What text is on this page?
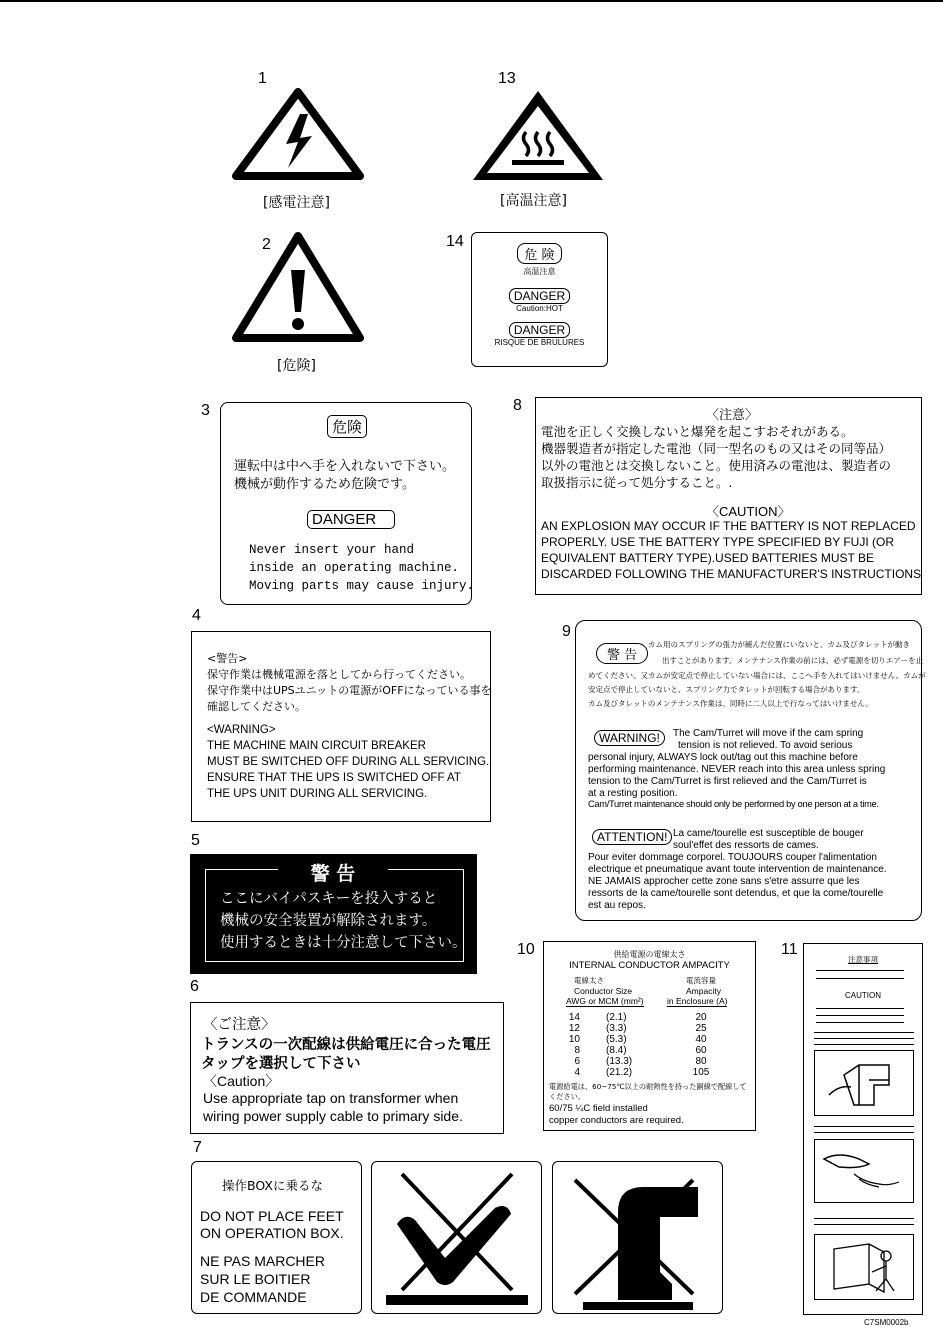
1
[感電注意]
13
[高温注意]
2
[危険]
14
危 険
高温注意
DANGER
Caution:HOT
DANGER
RISQUE DE BRULURES
3
危険
運転中は中へ手を入れないで下さい。
機械が動作するため危険です。
DANGER
Never insert your hand
inside an operating machine.
Moving parts may cause injury.
8
〈注意〉
電池を正しく交換しないと爆発を起こすおそれがある。
機器製造者が指定した電池（同一型名のもの又はその同等品）
以外の電池とは交換しないこと。使用済みの電池は、製造者の
取扱指示に従って処分すること。.
〈CAUTION〉
AN EXPLOSION MAY OCCUR IF THE BATTERY IS NOT REPLACED
PROPERLY. USE THE BATTERY TYPE SPECIFIED BY FUJI (OR
EQUIVALENT BATTERY TYPE).USED BATTERIES MUST BE
DISCARDED FOLLOWING THE MANUFACTURER'S INSTRUCTIONS
4
<警告>
保守作業は機械電源を落としてから行ってください。
保守作業中はUPSユニットの電源がOFFになっている事を
確認してください。
<WARNING>
THE MACHINE MAIN CIRCUIT BREAKER
MUST BE SWITCHED OFF DURING ALL SERVICING.
ENSURE THAT THE UPS IS SWITCHED OFF AT
THE UPS UNIT DURING ALL SERVICING.
9
警 告
カム用のスプリングの張力が緩んだ位置にいないと、カム及びタレットが動き
出すことがあります。メンテナンス作業の前には、必ず電源を切りエアーを止
めてください。又カムが安定点で停止していない場合には、ここへ手を入れてはいけません。カムが
安定点で停止していないと、スプリング力でタレットが回転する場合があります。
カム及びタレットのメンテナンス作業は、同時に二人以上で行なってはいけません。
WARNING!	The Cam/Turret will move if the cam spring
tension is not relieved. To avoid serious
personal injury, ALWAYS lock out/tag out this machine before
performing maintenance. NEVER reach into this area unless spring
tension to the Cam/Turret is first relieved and the Cam/Turret is
at a resting position.
Cam/Turret maintenance should only be performed by one person at a time.
ATTENTION! La came/tourelle est susceptible de bouger
soul'effet des ressorts de cames.
Pour eviter dommage corporel. TOUJOURS couper l'alimentation
electrique et pneumatique avant toute intervention de maintenance.
NE JAMAIS approcher cette zone sans s'etre assurre que les
ressorts de la came/tourelle sont detendus, et que la come/tourelle
est au repos.
5
警 告
ここにバイパスキーを投入すると
機械の安全装置が解除されます。
使用するときは十分注意して下さい。	10	供給電源の電線太さ
INTERNAL CONDUCTOR AMPACITY
電線太さ
Conductor Size
AWG or MCM (mm²)
電流容量
Ampacity
in Enclosure (A)
14	(2.1)	20
12	(3.3)	25
10	(5.3)	40
8	(8.4)	60
6	(13.3)	80
4	(21.2)	105
電源給電は、60~75℃以上の耐熱性を持った銅線で配線して
ください。
60/75 ¼C field installed
copper conductors are required.
11
注意事項
CAUTION
C7SM0002b
6
〈ご注意〉
トランスの一次配線は供給電圧に合った電圧
タップを選択して下さい
〈Caution〉
Use appropriate tap on transformer when
wiring power supply cable to primary side.
7
操作BOXに乗るな
DO NOT PLACE FEET
ON OPERATION BOX.
NE PAS MARCHER
SUR LE BOITIER
DE COMMANDE
